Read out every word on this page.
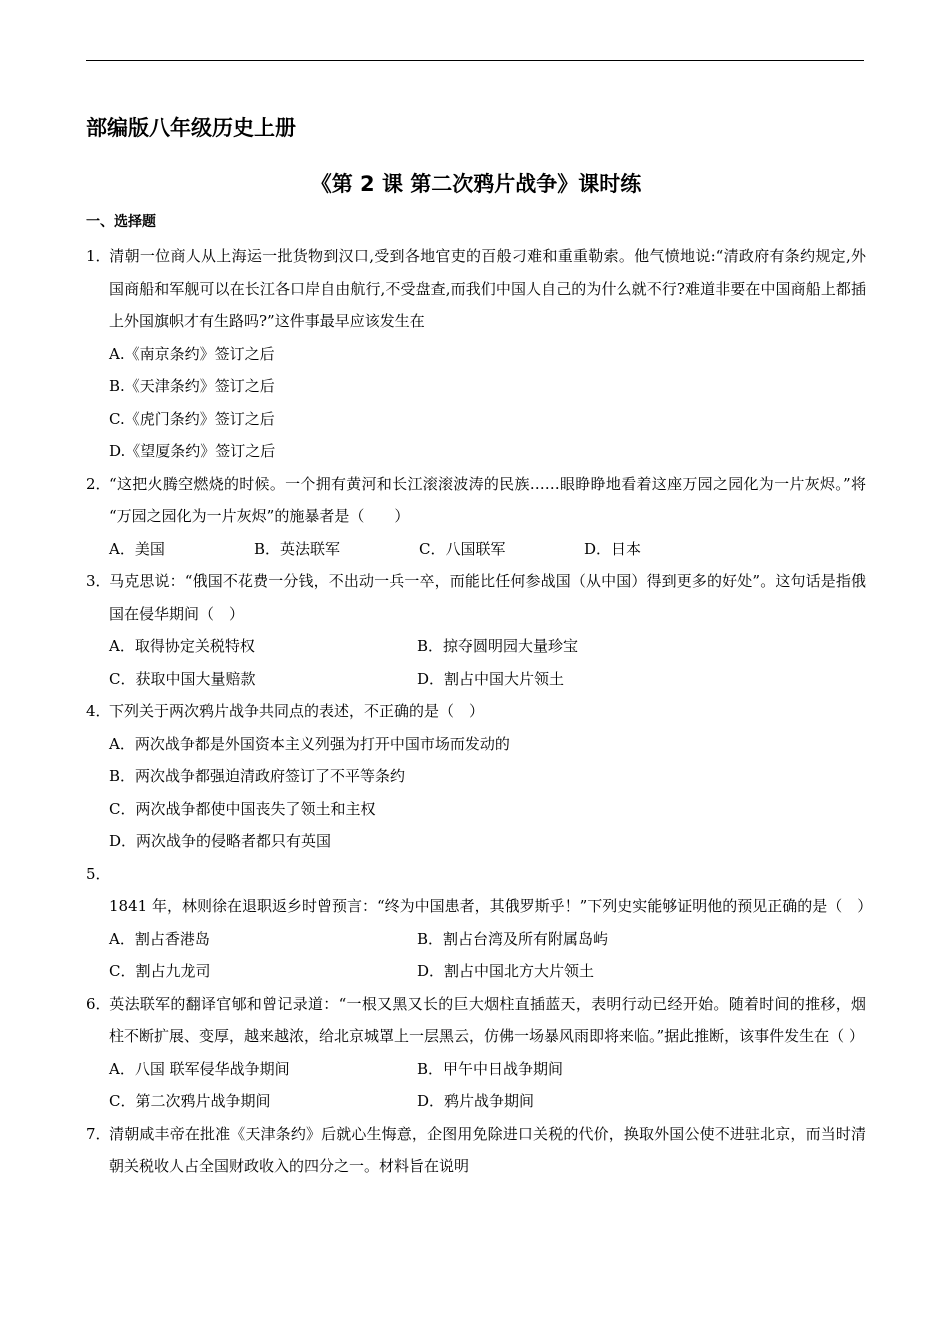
部编版八年级历史上册
《第 2 课 第二次鸦片战争》课时练
一、选择题
1．清朝一位商人从上海运一批货物到汉口,受到各地官吏的百般刁难和重重勒索。他气愤地说:“清政府有条约规定,外国商船和军舰可以在长江各口岸自由航行,不受盘查,而我们中国人自己的为什么就不行?难道非要在中国商船上都插上外国旗帜才有生路吗?”这件事最早应该发生在
A.《南京条约》签订之后
B.《天津条约》签订之后
C.《虎门条约》签订之后
D.《望厦条约》签订之后
2．“这把火腾空燃烧的时候。一个拥有黄河和长江滚滚波涛的民族……眼睁睁地看着这座万园之园化为一片灰烬。”将 “万园之园化为一片灰烬”的施暴者是（　　）
A．美国	B．英法联军	C．八国联军	D．日本
3．马克思说：“俄国不花费一分钱，不出动一兵一卒，而能比任何参战国（从中国）得到更多的好处”。这句话是指俄国在侵华期间（　）
A．取得协定关税特权	B．掠夺圆明园大量珍宝
C．获取中国大量赔款	D．割占中国大片领土
4．下列关于两次鸦片战争共同点的表述，不正确的是（　）
A．两次战争都是外国资本主义列强为打开中国市场而发动的
B．两次战争都强迫清政府签订了不平等条约
C．两次战争都使中国丧失了领土和主权
D．两次战争的侵略者都只有英国
5．1841 年，林则徐在退职返乡时曾预言：“终为中国患者，其俄罗斯乎！”下列史实能够证明他的预见正确的是（　）
A．割占香港岛	B．割占台湾及所有附属岛屿
C．割占九龙司	D．割占中国北方大片领土
6．英法联军的翻译官郇和曾记录道：“一根又黑又长的巨大烟柱直插蓝天，表明行动已经开始。随着时间的推移，烟柱不断扩展、变厚，越来越浓，给北京城罩上一层黑云，仿佛一场暴风雨即将来临。”据此推断，该事件发生在（ ）
A．八国 联军侵华战争期间	B．甲午中日战争期间
C．第二次鸦片战争期间	D．鸦片战争期间
7．清朝咸丰帝在批准《天津条约》后就心生悔意，企图用免除进口关税的代价，换取外国公使不进驻北京，而当时清朝关税收人占全国财政收入的四分之一。材料旨在说明
